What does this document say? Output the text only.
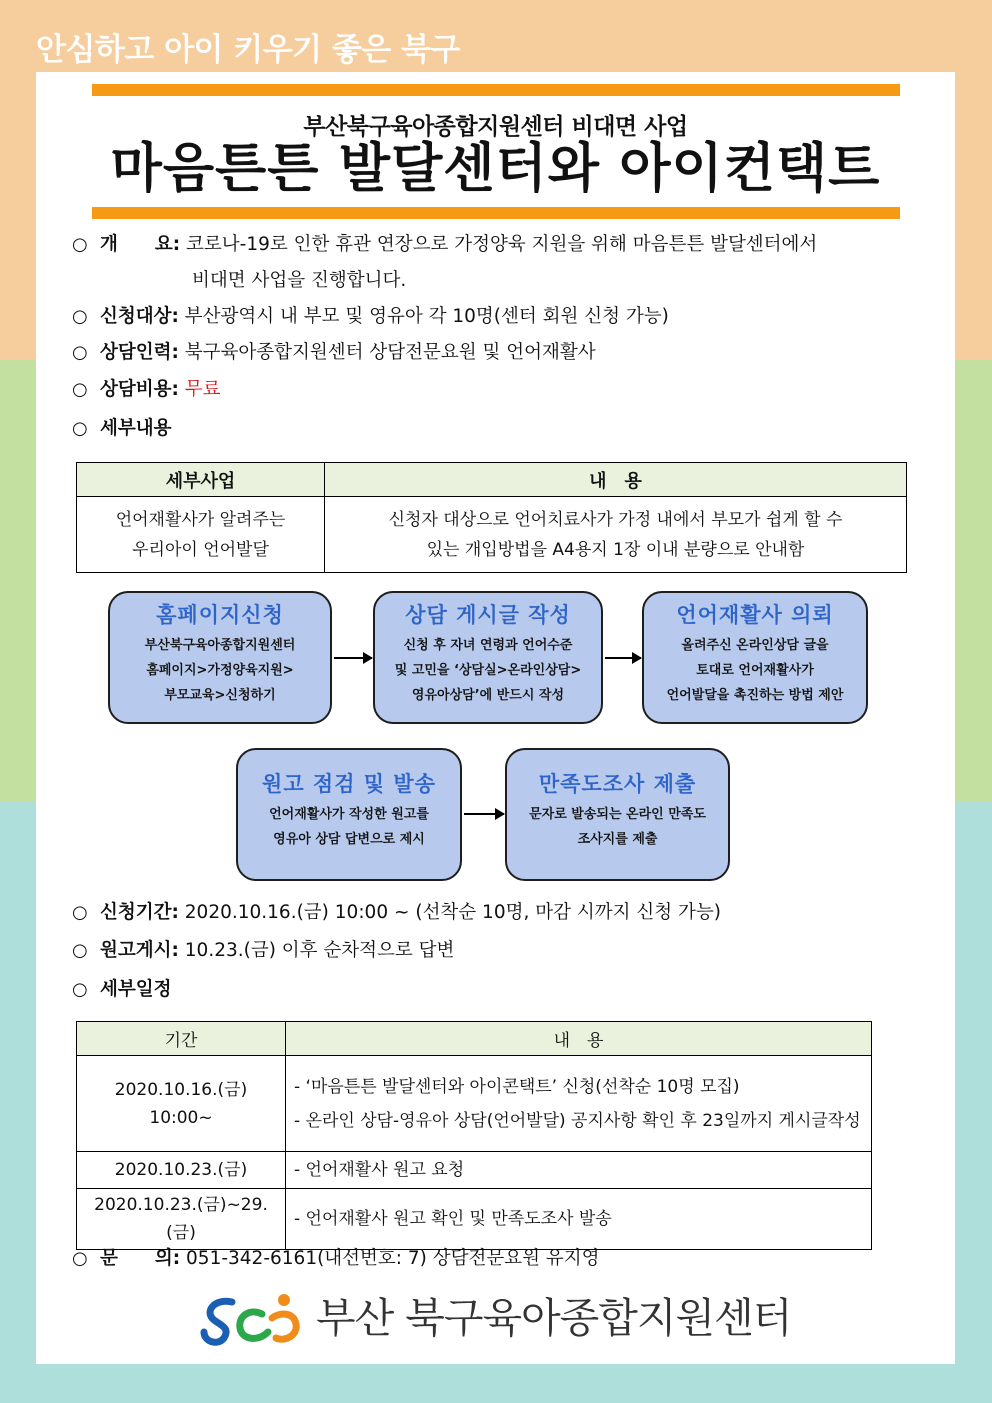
안심하고 아이 키우기 좋은 북구
부산북구육아종합지원센터 비대면 사업
마음튼튼 발달센터와 아이컨택트
○ 개　　요: 코로나-19로 인한 휴관 연장으로 가정양육 지원을 위해 마음튼튼 발달센터에서
비대면 사업을 진행합니다.
○ 신청대상: 부산광역시 내 부모 및 영유아 각 10명(센터 회원 신청 가능)
○ 상담인력: 북구육아종합지원센터 상담전문요원 및 언어재활사
○ 상담비용: 무료
○ 세부내용
세부사업	내　용
언어재활사가 알려주는
우리아이 언어발달	신청자 대상으로 언어치료사가 가정 내에서 부모가 쉽게 할 수
있는 개입방법을 A4용지 1장 이내 분량으로 안내함
홈페이지신청
부산북구육아종합지원센터
홈페이지>가정양육지원>
부모교육>신청하기
상담 게시글 작성
신청 후 자녀 연령과 언어수준
및 고민을 ‘상담실>온라인상담>
영유아상담’에 반드시 작성
언어재활사 의뢰
올려주신 온라인상담 글을
토대로 언어재활사가
언어발달을 촉진하는 방법 제안
원고 점검 및 발송
언어재활사가 작성한 원고를
영유아 상담 답변으로 제시
만족도조사 제출
문자로 발송되는 온라인 만족도
조사지를 제출
○ 신청기간: 2020.10.16.(금) 10:00 ~ (선착순 10명, 마감 시까지 신청 가능)
○ 원고게시: 10.23.(금) 이후 순차적으로 답변
○ 세부일정
기간	내　용
2020.10.16.(금) 10:00~	- ‘마음튼튼 발달센터와 아이콘택트’ 신청(선착순 10명 모집)
- 온라인 상담-영유아 상담(언어발달) 공지사항 확인 후 23일까지 게시글작성

2020.10.23.(금)	- 언어재활사 원고 요청

2020.10.23.(금)~29.(금)	- 언어재활사 원고 확인 및 만족도조사 발송
○ 문　　의: 051-342-6161(내선번호: 7) 상담전문요원 유지영
부산 북구육아종합지원센터
